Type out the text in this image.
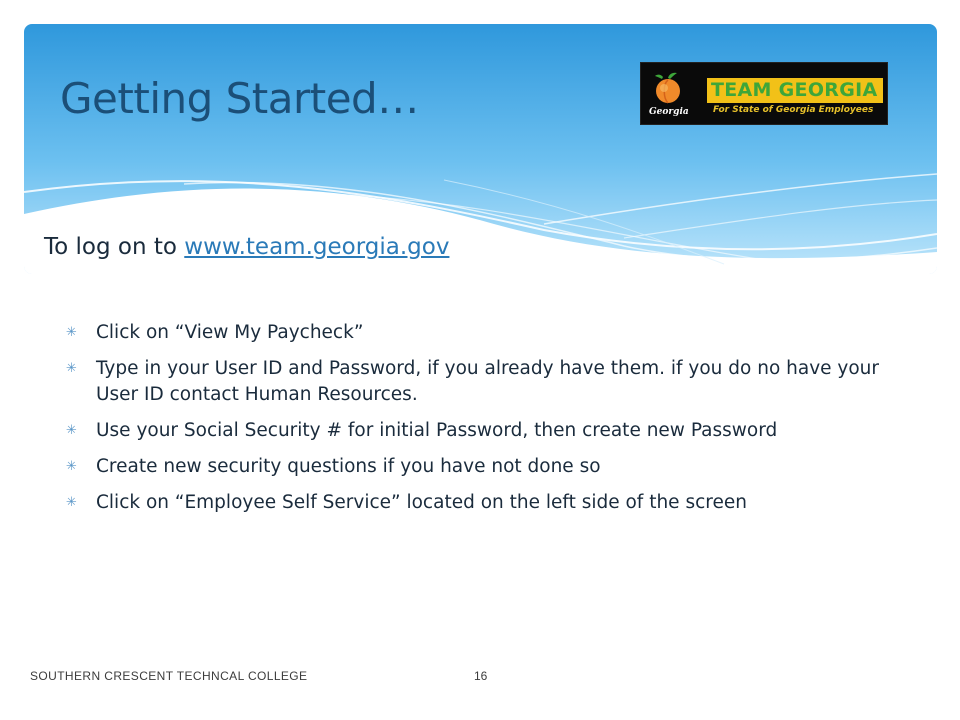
Getting Started…	Georgia
TEAM GEORGIA
For State of Georgia Employees

To log on to www.team.georgia.gov

✳	Click on “View My Paycheck”
✳	Type in your User ID and Password, if you already have them. if you do no have your User ID contact Human Resources.
✳	Use your Social Security # for initial Password, then create new Password
✳	Create new security questions if you have not done so
✳	Click on “Employee Self Service” located on the left side of the screen
SOUTHERN CRESCENT TECHNCAL COLLEGE	16
